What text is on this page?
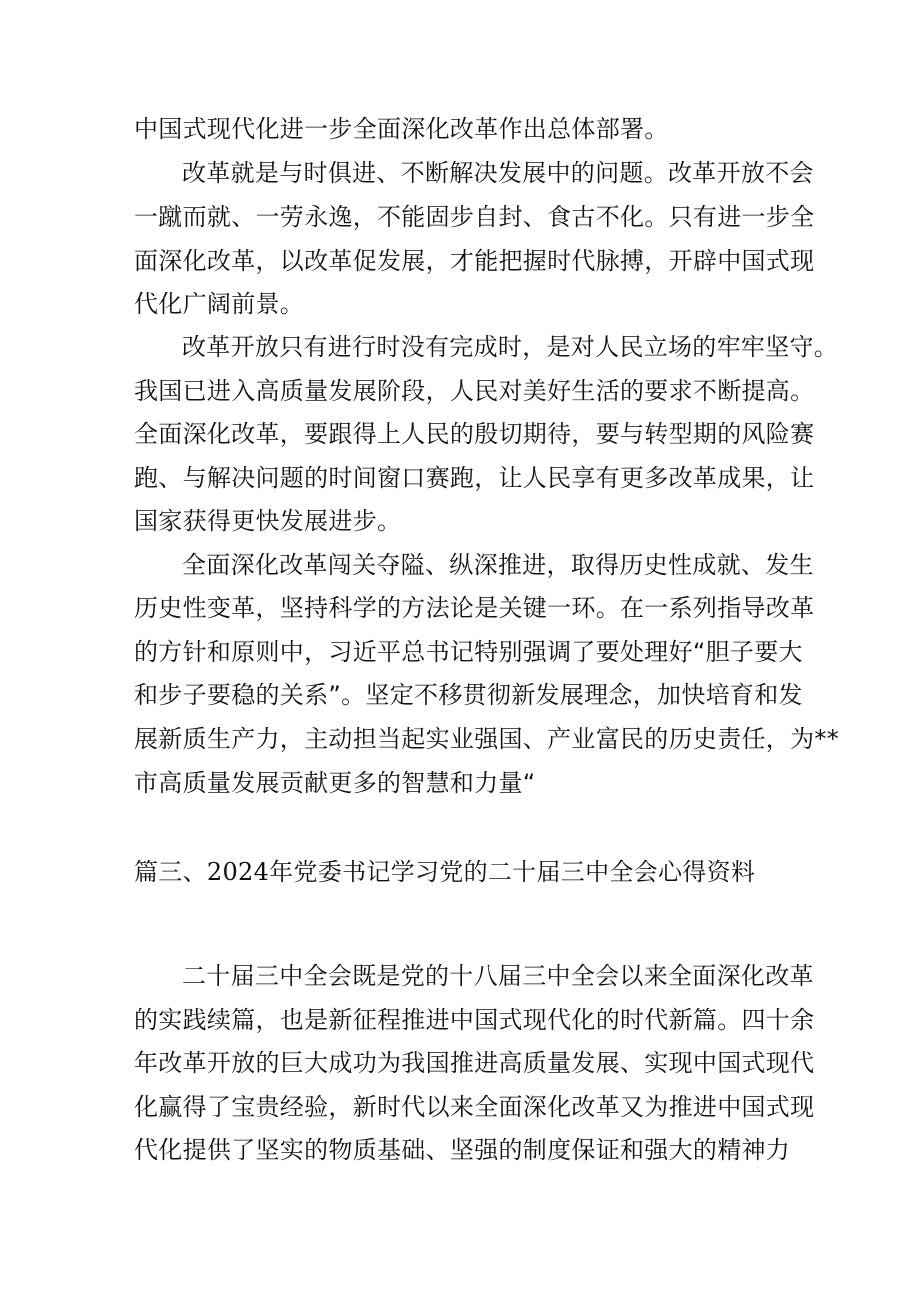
中国式现代化进一步全面深化改革作出总体部署。
改革就是与时俱进、不断解决发展中的问题。改革开放不会
一蹴而就、一劳永逸，不能固步自封、食古不化。只有进一步全
面深化改革，以改革促发展，才能把握时代脉搏，开辟中国式现
代化广阔前景。
改革开放只有进行时没有完成时，是对人民立场的牢牢坚守。
我国已进入高质量发展阶段，人民对美好生活的要求不断提高。
全面深化改革，要跟得上人民的殷切期待，要与转型期的风险赛
跑、与解决问题的时间窗口赛跑，让人民享有更多改革成果，让
国家获得更快发展进步。
全面深化改革闯关夺隘、纵深推进，取得历史性成就、发生
历史性变革，坚持科学的方法论是关键一环。在一系列指导改革
的方针和原则中，习近平总书记特别强调了要处理好“胆子要大
和步子要稳的关系”。坚定不移贯彻新发展理念，加快培育和发
展新质生产力，主动担当起实业强国、产业富民的历史责任，为**
市高质量发展贡献更多的智慧和力量“
篇三、2024年党委书记学习党的二十届三中全会心得资料
二十届三中全会既是党的十八届三中全会以来全面深化改革
的实践续篇，也是新征程推进中国式现代化的时代新篇。四十余
年改革开放的巨大成功为我国推进高质量发展、实现中国式现代
化赢得了宝贵经验，新时代以来全面深化改革又为推进中国式现
代化提供了坚实的物质基础、坚强的制度保证和强大的精神力
